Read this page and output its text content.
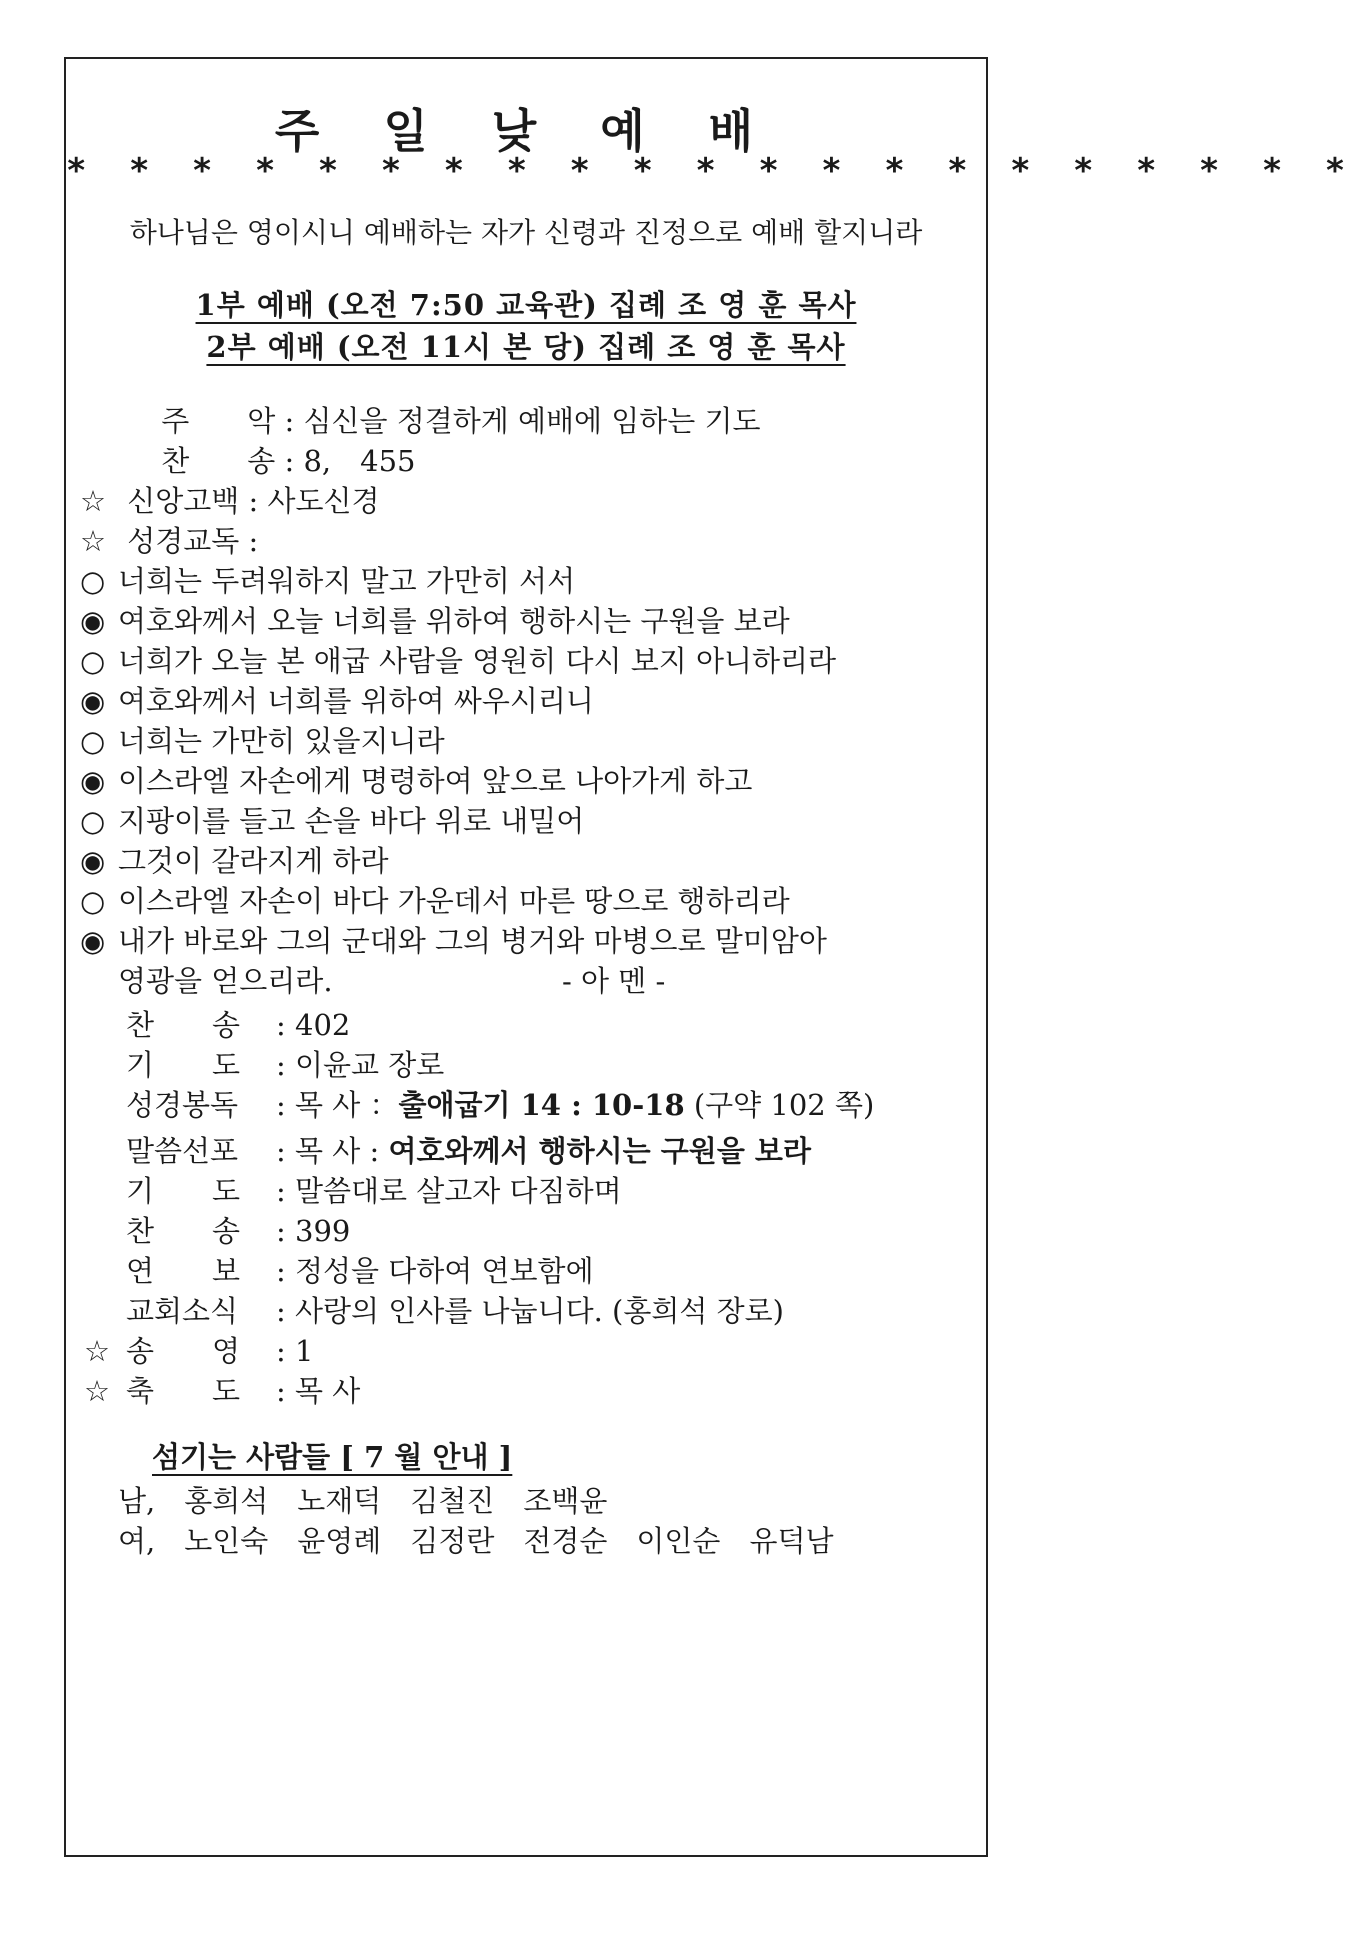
주 일 낮 예 배
* * * * * * * * * * * * * * * * * * * * *
하나님은 영이시니 예배하는 자가 신령과 진정으로 예배 할지니라
1부 예배 (오전 7:50 교육관) 집례 조 영 훈 목사
2부 예배 (오전 11시 본 당) 집례 조 영 훈 목사
주　　악 : 심신을 정결하게 예배에 임하는 기도
찬　　송 : 8,　455
☆ 신앙고백 : 사도신경
☆ 성경교독 :
○ 너희는 두려워하지 말고 가만히 서서
◉ 여호와께서 오늘 너희를 위하여 행하시는 구원을 보라
○ 너희가 오늘 본 애굽 사람을 영원히 다시 보지 아니하리라
◉ 여호와께서 너희를 위하여 싸우시리니
○ 너희는 가만히 있을지니라
◉ 이스라엘 자손에게 명령하여 앞으로 나아가게 하고
○ 지팡이를 들고 손을 바다 위로 내밀어
◉ 그것이 갈라지게 하라
○ 이스라엘 자손이 바다 가운데서 마른 땅으로 행하리라
◉ 내가 바로와 그의 군대와 그의 병거와 마병으로 말미암아
영광을 얻으리라.	- 아 멘 -
찬　　송 : 402
기　　도 : 이윤교 장로
성경봉독 : 목 사 ：출애굽기 14 : 10-18 (구약 102 쪽)
말씀선포 : 목 사 : 여호와께서 행하시는 구원을 보라
기　　도 : 말씀대로 살고자 다짐하며
찬　　송 : 399
연　　보 : 정성을 다하여 연보함에
교회소식 : 사랑의 인사를 나눕니다. (홍희석 장로)
☆ 송　　영 : 1
☆ 축　　도 : 목 사
섬기는 사람들 [ 7 월 안내 ]
남,　홍희석　노재덕　김철진　조백윤
여,　노인숙　윤영례　김정란　전경순　이인순　유덕남
